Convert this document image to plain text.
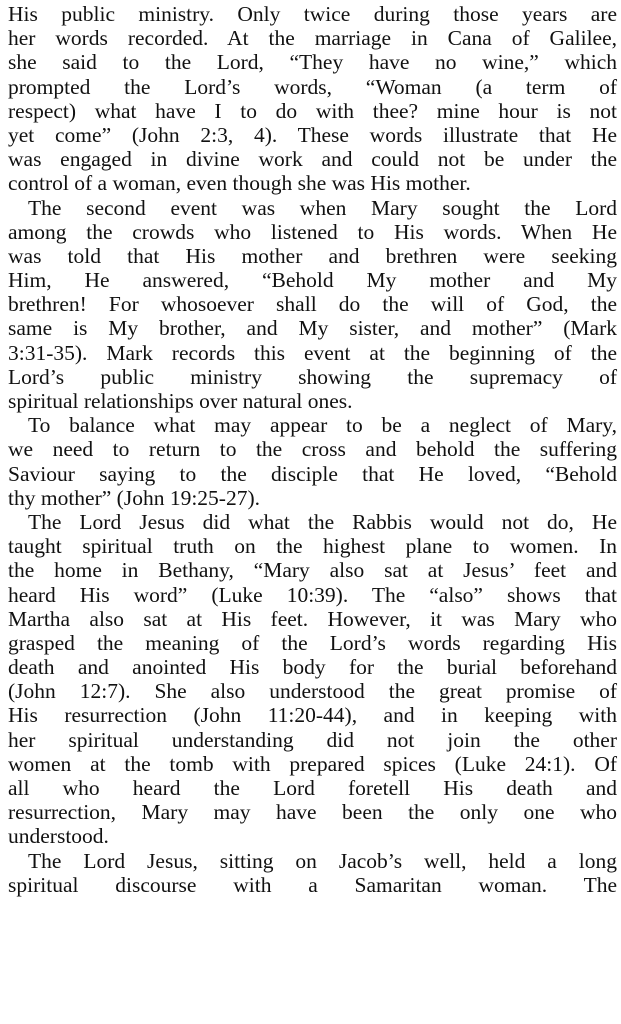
His public ministry. Only twice during those years are
her words recorded. At the marriage in Cana of Galilee,
she said to the Lord, “They have no wine,” which
prompted the Lord’s words, “Woman (a term of
respect) what have I to do with thee? mine hour is not
yet come” (John 2:3, 4). These words illustrate that He
was engaged in divine work and could not be under the
control of a woman, even though she was His mother.
The second event was when Mary sought the Lord
among the crowds who listened to His words. When He
was told that His mother and brethren were seeking
Him, He answered, “Behold My mother and My
brethren! For whosoever shall do the will of God, the
same is My brother, and My sister, and mother” (Mark
3:31-35). Mark records this event at the beginning of the
Lord’s public ministry showing the supremacy of
spiritual relationships over natural ones.
To balance what may appear to be a neglect of Mary,
we need to return to the cross and behold the suffering
Saviour saying to the disciple that He loved, “Behold
thy mother” (John 19:25-27).
The Lord Jesus did what the Rabbis would not do, He
taught spiritual truth on the highest plane to women. In
the home in Bethany, “Mary also sat at Jesus’ feet and
heard His word” (Luke 10:39). The “also” shows that
Martha also sat at His feet. However, it was Mary who
grasped the meaning of the Lord’s words regarding His
death and anointed His body for the burial beforehand
(John 12:7). She also understood the great promise of
His resurrection (John 11:20-44), and in keeping with
her spiritual understanding did not join the other
women at the tomb with prepared spices (Luke 24:1). Of
all who heard the Lord foretell His death and
resurrection, Mary may have been the only one who
understood.
The Lord Jesus, sitting on Jacob’s well, held a long
spiritual discourse with a Samaritan woman. The
